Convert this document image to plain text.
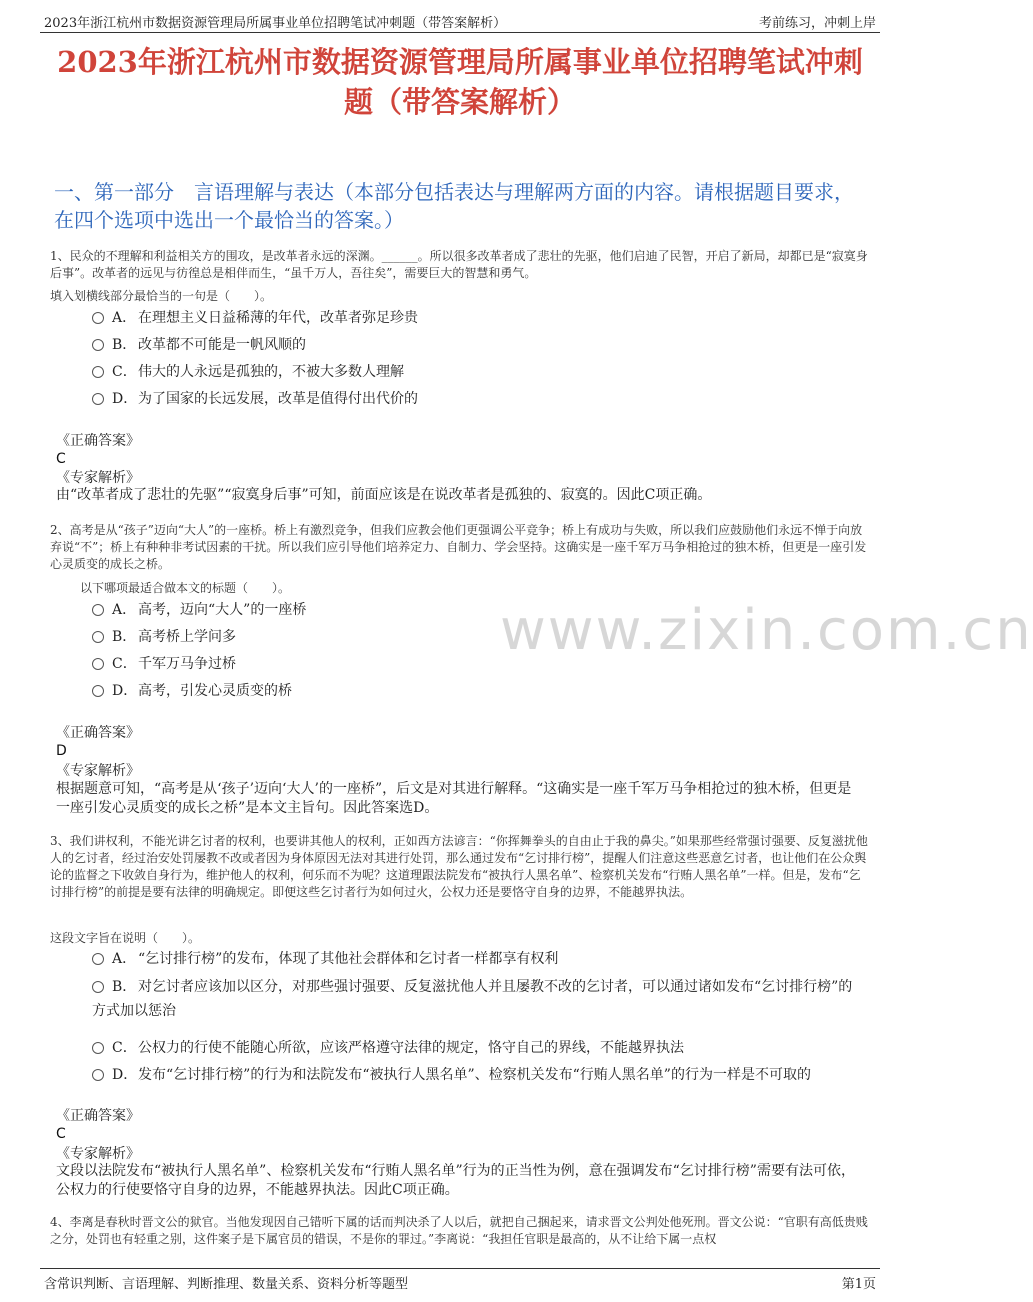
2023年浙江杭州市数据资源管理局所属事业单位招聘笔试冲刺题（带答案解析）	考前练习，冲刺上岸
2023年浙江杭州市数据资源管理局所属事业单位招聘笔试冲刺题（带答案解析）
一、第一部分　言语理解与表达（本部分包括表达与理解两方面的内容。请根据题目要求，在四个选项中选出一个最恰当的答案。）
1、民众的不理解和利益相关方的围攻，是改革者永远的深渊。______。所以很多改革者成了悲壮的先驱，他们启迪了民智，开启了新局，却都已是“寂寞身后事”。改革者的远见与彷徨总是相伴而生，“虽千万人，吾往矣”，需要巨大的智慧和勇气。
填入划横线部分最恰当的一句是（　　）。
A． 在理想主义日益稀薄的年代，改革者弥足珍贵
B． 改革都不可能是一帆风顺的
C．伟大的人永远是孤独的，不被大多数人理解
D．为了国家的长远发展，改革是值得付出代价的
《正确答案》
C
《专家解析》
由“改革者成了悲壮的先驱”“寂寞身后事”可知，前面应该是在说改革者是孤独的、寂寞的。因此C项正确。
2、高考是从“孩子”迈向“大人”的一座桥。桥上有激烈竞争，但我们应教会他们更强调公平竞争；桥上有成功与失败，所以我们应鼓励他们永远不惮于向放弃说“不”；桥上有种种非考试因素的干扰。所以我们应引导他们培养定力、自制力、学会坚持。这确实是一座千军万马争相抢过的独木桥，但更是一座引发心灵质变的成长之桥。
以下哪项最适合做本文的标题（　　）。
A． 高考，迈向“大人”的一座桥
B． 高考桥上学问多
C．千军万马争过桥
D．高考，引发心灵质变的桥
《正确答案》
D
《专家解析》
根据题意可知，“高考是从‘孩子’迈向‘大人’的一座桥”，后文是对其进行解释。“这确实是一座千军万马争相抢过的独木桥，但更是一座引发心灵质变的成长之桥”是本文主旨句。因此答案选D。
3、我们讲权利，不能光讲乞讨者的权利，也要讲其他人的权利，正如西方法谚言：“你挥舞拳头的自由止于我的鼻尖。”如果那些经常强讨强要、反复滋扰他人的乞讨者，经过治安处罚屡教不改或者因为身体原因无法对其进行处罚，那么通过发布“乞讨排行榜”，提醒人们注意这些恶意乞讨者，也让他们在公众舆论的监督之下收敛自身行为，维护他人的权利，何乐而不为呢？这道理跟法院发布“被执行人黑名单”、检察机关发布“行贿人黑名单”一样。但是，发布“乞讨排行榜”的前提是要有法律的明确规定。即便这些乞讨者行为如何过火，公权力还是要恪守自身的边界，不能越界执法。
这段文字旨在说明（　　）。
A． “乞讨排行榜”的发布，体现了其他社会群体和乞讨者一样都享有权利
B． 对乞讨者应该加以区分，对那些强讨强要、反复滋扰他人并且屡教不改的乞讨者，可以通过诸如发布“乞讨排行榜”的方式加以惩治
C．公权力的行使不能随心所欲，应该严格遵守法律的规定，恪守自己的界线，不能越界执法
D．发布“乞讨排行榜”的行为和法院发布“被执行人黑名单”、检察机关发布“行贿人黑名单”的行为一样是不可取的
《正确答案》
C
《专家解析》
文段以法院发布“被执行人黑名单”、检察机关发布“行贿人黑名单”行为的正当性为例，意在强调发布“乞讨排行榜”需要有法可依，公权力的行使要恪守自身的边界，不能越界执法。因此C项正确。
4、李离是春秋时晋文公的狱官。当他发现因自己错听下属的话而判决杀了人以后，就把自己捆起来，请求晋文公判处他死刑。晋文公说：“官职有高低贵贱之分，处罚也有轻重之别，这件案子是下属官员的错误，不是你的罪过。”李离说：“我担任官职是最高的，从不让给下属一点权
www.zixin.com.cn
含常识判断、言语理解、判断推理、数量关系、资料分析等题型	第1页
